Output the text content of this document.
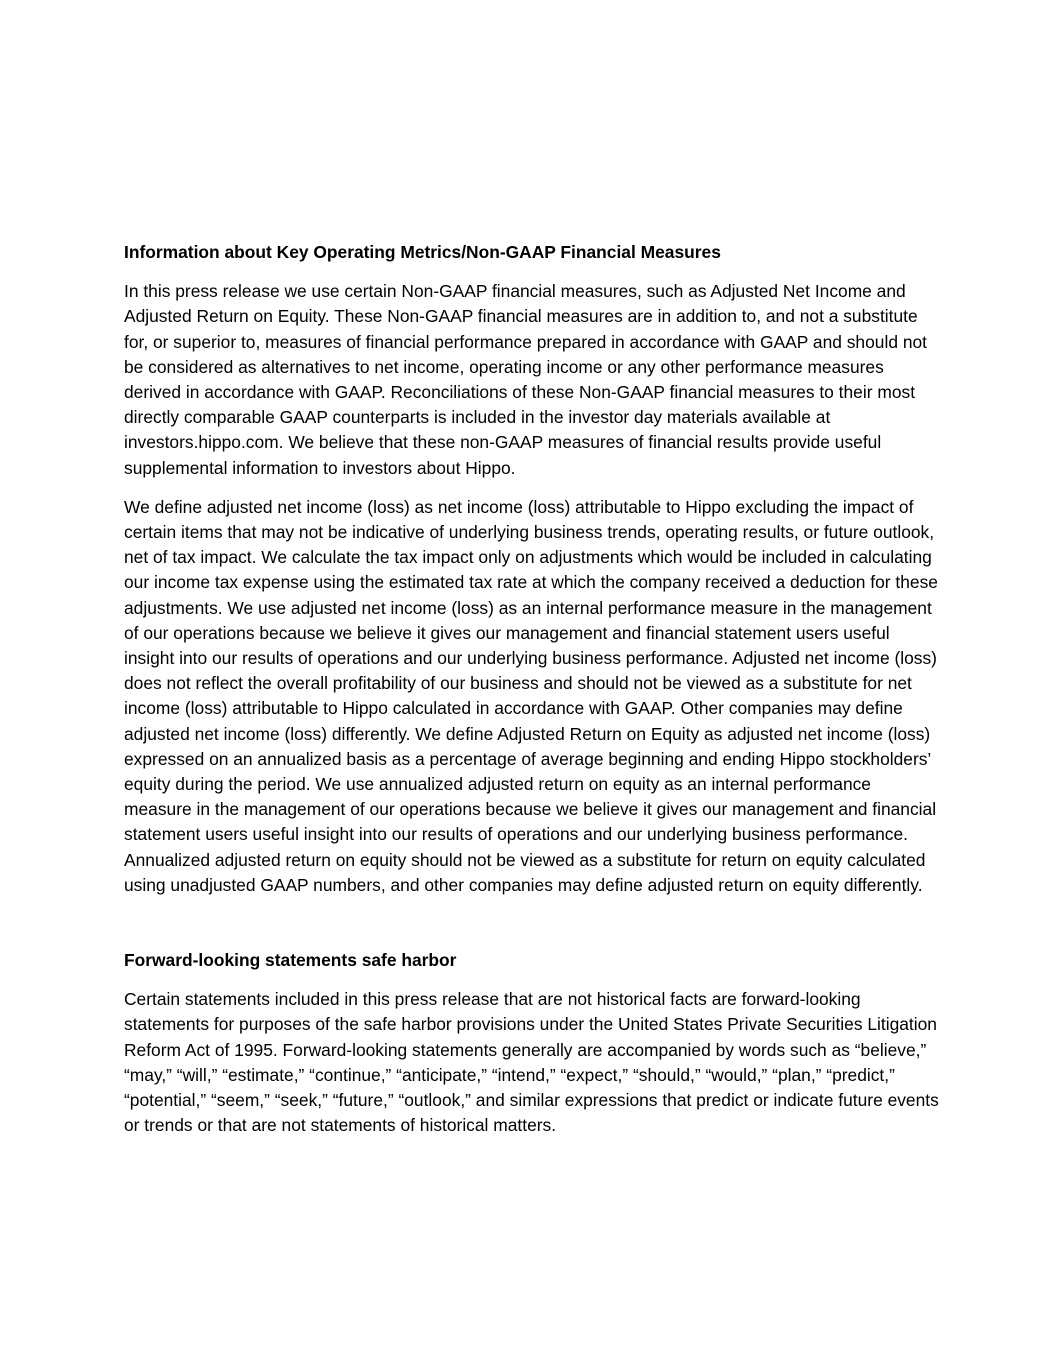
Information about Key Operating Metrics/Non-GAAP Financial Measures

In this press release we use certain Non-GAAP financial measures, such as Adjusted Net Income and Adjusted Return on Equity. These Non-GAAP financial measures are in addition to, and not a substitute for, or superior to, measures of financial performance prepared in accordance with GAAP and should not be considered as alternatives to net income, operating income or any other performance measures derived in accordance with GAAP. Reconciliations of these Non-GAAP financial measures to their most directly comparable GAAP counterparts is included in the investor day materials available at investors.hippo.com. We believe that these non-GAAP measures of financial results provide useful supplemental information to investors about Hippo.

We define adjusted net income (loss) as net income (loss) attributable to Hippo excluding the impact of certain items that may not be indicative of underlying business trends, operating results, or future outlook, net of tax impact. We calculate the tax impact only on adjustments which would be included in calculating our income tax expense using the estimated tax rate at which the company received a deduction for these adjustments. We use adjusted net income (loss) as an internal performance measure in the management of our operations because we believe it gives our management and financial statement users useful insight into our results of operations and our underlying business performance. Adjusted net income (loss) does not reflect the overall profitability of our business and should not be viewed as a substitute for net income (loss) attributable to Hippo calculated in accordance with GAAP. Other companies may define adjusted net income (loss) differently. We define Adjusted Return on Equity as adjusted net income (loss) expressed on an annualized basis as a percentage of average beginning and ending Hippo stockholders’ equity during the period. We use annualized adjusted return on equity as an internal performance measure in the management of our operations because we believe it gives our management and financial statement users useful insight into our results of operations and our underlying business performance. Annualized adjusted return on equity should not be viewed as a substitute for return on equity calculated using unadjusted GAAP numbers, and other companies may define adjusted return on equity differently.

Forward-looking statements safe harbor

Certain statements included in this press release that are not historical facts are forward-looking statements for purposes of the safe harbor provisions under the United States Private Securities Litigation Reform Act of 1995. Forward-looking statements generally are accompanied by words such as “believe,” “may,” “will,” “estimate,” “continue,” “anticipate,” “intend,” “expect,” “should,” “would,” “plan,” “predict,” “potential,” “seem,” “seek,” “future,” “outlook,” and similar expressions that predict or indicate future events or trends or that are not statements of historical matters.
